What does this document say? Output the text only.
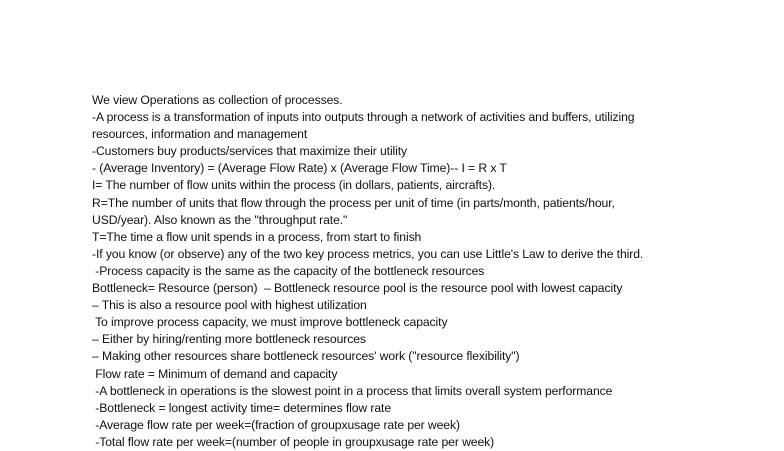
We view Operations as collection of processes.
-A process is a transformation of inputs into outputs through a network of activities and buffers, utilizing
resources, information and management
-Customers buy products/services that maximize their utility
- (Average Inventory) = (Average Flow Rate) x (Average Flow Time)-- I = R x T
I= The number of flow units within the process (in dollars, patients, aircrafts).
R=The number of units that flow through the process per unit of time (in parts/month, patients/hour,
USD/year). Also known as the "throughput rate."
T=The time a flow unit spends in a process, from start to finish
-If you know (or observe) any of the two key process metrics, you can use Little's Law to derive the third.
-Process capacity is the same as the capacity of the bottleneck resources
Bottleneck= Resource (person)  – Bottleneck resource pool is the resource pool with lowest capacity
– This is also a resource pool with highest utilization
To improve process capacity, we must improve bottleneck capacity
– Either by hiring/renting more bottleneck resources
– Making other resources share bottleneck resources' work ("resource flexibility")
Flow rate = Minimum of demand and capacity
-A bottleneck in operations is the slowest point in a process that limits overall system performance
-Bottleneck = longest activity time= determines flow rate
-Average flow rate per week=(fraction of groupxusage rate per week)
-Total flow rate per week=(number of people in groupxusage rate per week)
